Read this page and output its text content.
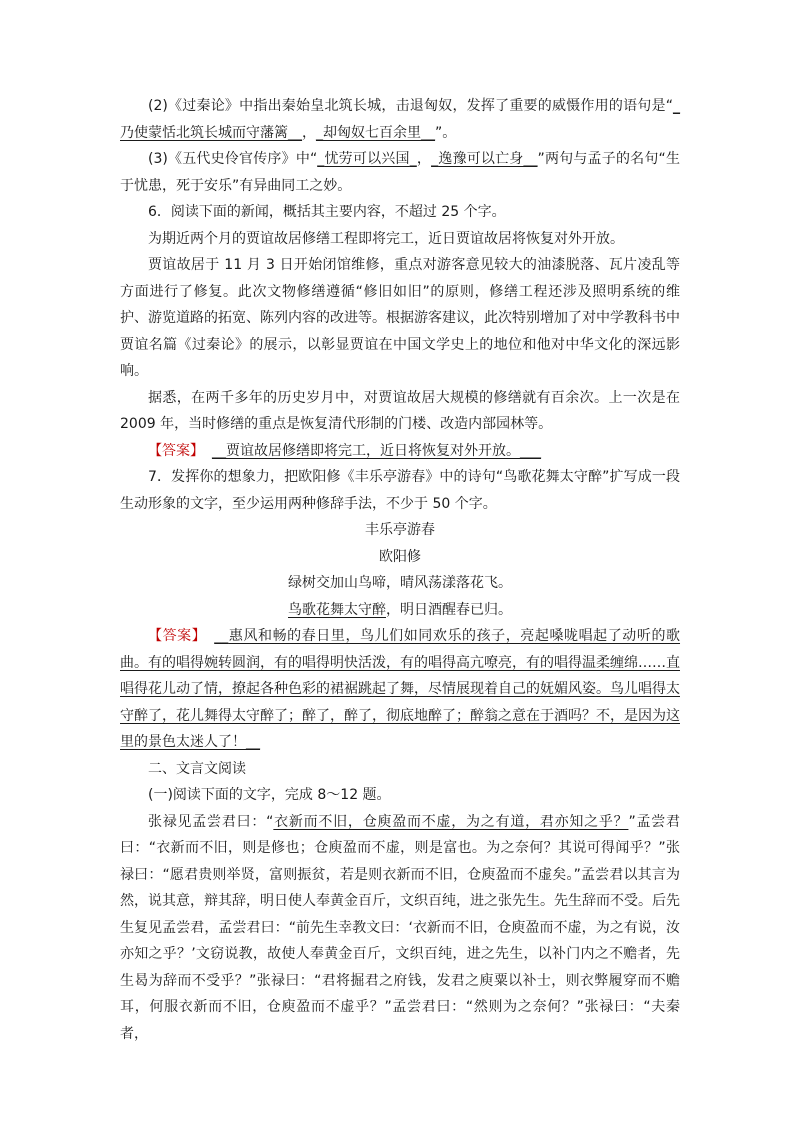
(2)《过秦论》中指出秦始皇北筑长城，击退匈奴，发挥了重要的威慑作用的语句是“_乃使蒙恬北筑长城而守藩篱__，_却匈奴七百余里__”。

(3)《五代史伶官传序》中“_忧劳可以兴国_，_逸豫可以亡身__”两句与孟子的名句“生于忧患，死于安乐”有异曲同工之妙。

6．阅读下面的新闻，概括其主要内容，不超过 25 个字。

为期近两个月的贾谊故居修缮工程即将完工，近日贾谊故居将恢复对外开放。

贾谊故居于 11 月 3 日开始闭馆维修，重点对游客意见较大的油漆脱落、瓦片凌乱等方面进行了修复。此次文物修缮遵循“修旧如旧”的原则，修缮工程还涉及照明系统的维护、游览道路的拓宽、陈列内容的改进等。根据游客建议，此次特别增加了对中学教科书中贾谊名篇《过秦论》的展示，以彰显贾谊在中国文学史上的地位和他对中华文化的深远影响。

据悉，在两千多年的历史岁月中，对贾谊故居大规模的修缮就有百余次。上一次是在 2009 年，当时修缮的重点是恢复清代形制的门楼、改造内部园林等。

【答案】 __贾谊故居修缮即将完工，近日将恢复对外开放。___

7．发挥你的想象力，把欧阳修《丰乐亭游春》中的诗句“鸟歌花舞太守醉”扩写成一段生动形象的文字，至少运用两种修辞手法，不少于 50 个字。

丰乐亭游春

欧阳修

绿树交加山鸟啼，晴风荡漾落花飞。

鸟歌花舞太守醉，明日酒醒春已归。

【答案】 __惠风和畅的春日里，鸟儿们如同欢乐的孩子，亮起嗓咙唱起了动听的歌曲。有的唱得婉转圆润，有的唱得明快活泼，有的唱得高亢嘹亮，有的唱得温柔缠绵……直唱得花儿动了情，撩起各种色彩的裙裾跳起了舞，尽情展现着自己的妩媚风姿。鸟儿唱得太守醉了，花儿舞得太守醉了；醉了，醉了，彻底地醉了；醉翁之意在于酒吗？不，是因为这里的景色太迷人了！__

二、文言文阅读

(一)阅读下面的文字，完成 8～12 题。

张禄见孟尝君曰：“衣新而不旧，仓庾盈而不虚，为之有道，君亦知之乎？”孟尝君曰：“衣新而不旧，则是修也；仓庾盈而不虚，则是富也。为之奈何？其说可得闻乎？”张禄曰：“愿君贵则举贤，富则振贫，若是则衣新而不旧，仓庾盈而不虚矣。”孟尝君以其言为然，说其意，辩其辞，明日使人奉黄金百斤，文织百纯，进之张先生。先生辞而不受。后先生复见孟尝君，孟尝君曰：“前先生幸教文曰：‘衣新而不旧，仓庾盈而不虚，为之有说，汝亦知之乎？’文窃说教，故使人奉黄金百斤，文织百纯，进之先生，以补门内之不赡者，先生曷为辞而不受乎？”张禄曰：“君将掘君之府钱，发君之庾粟以补士，则衣弊履穿而不赡耳，何服衣新而不旧，仓庾盈而不虚乎？”孟尝君曰：“然则为之奈何？”张禄曰：“夫秦者，
